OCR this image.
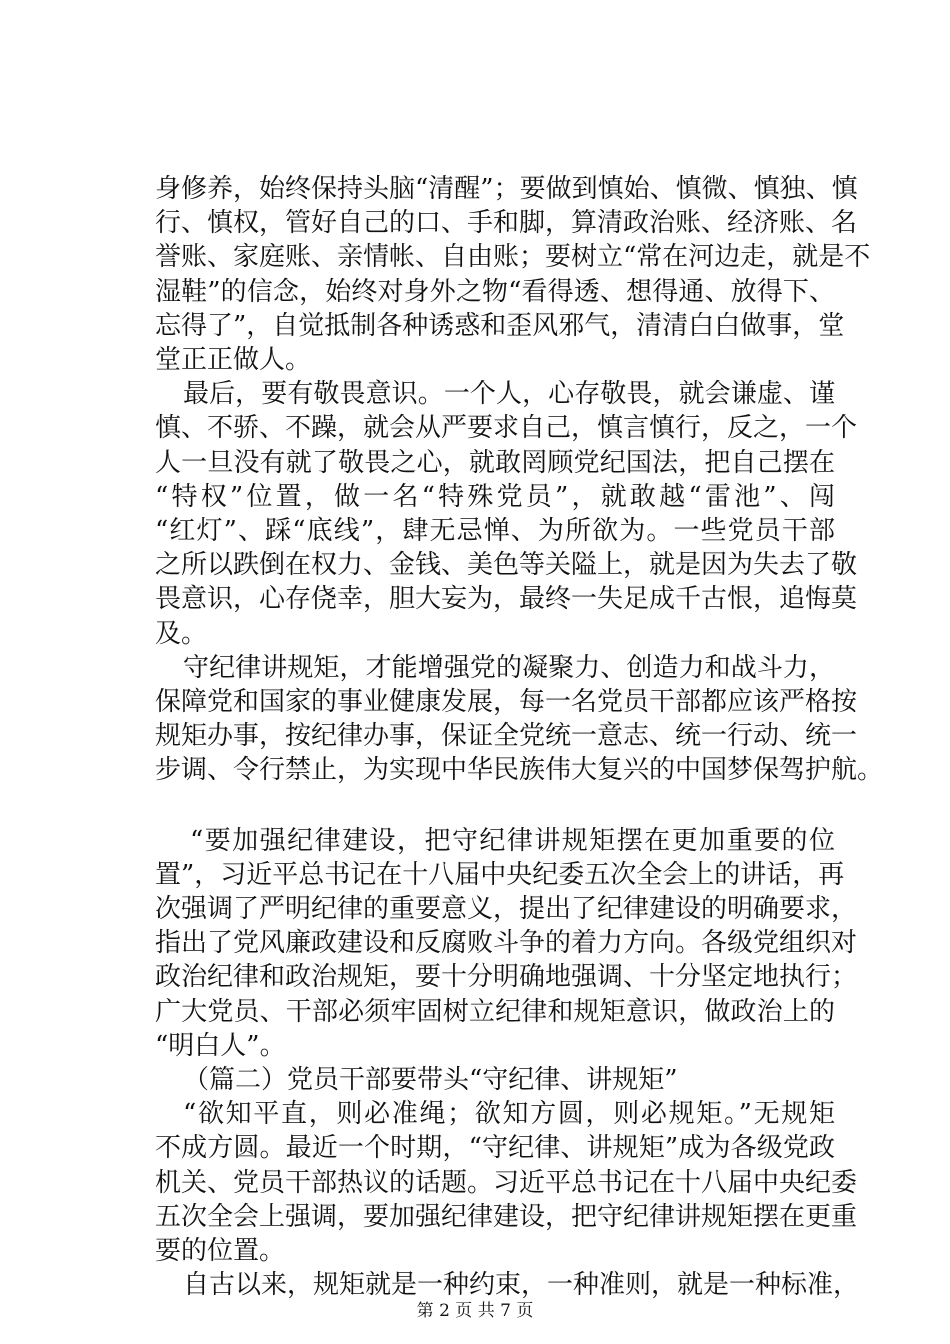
身修养，始终保持头脑“清醒”；要做到慎始、慎微、慎独、慎
行、慎权，管好自己的口、手和脚，算清政治账、经济账、名
誉账、家庭账、亲情帐、自由账；要树立“常在河边走，就是不
湿鞋”的信念，始终对身外之物“看得透、想得通、放得下、
忘得了”，自觉抵制各种诱惑和歪风邪气，清清白白做事，堂
堂正正做人。
最后，要有敬畏意识。一个人，心存敬畏，就会谦虚、谨
慎、不骄、不躁，就会从严要求自己，慎言慎行，反之，一个
人一旦没有就了敬畏之心，就敢罔顾党纪国法，把自己摆在
“特权”位置，做一名“特殊党员”，就敢越“雷池”、闯
“红灯”、踩“底线”，肆无忌惮、为所欲为。一些党员干部
之所以跌倒在权力、金钱、美色等关隘上，就是因为失去了敬
畏意识，心存侥幸，胆大妄为，最终一失足成千古恨，追悔莫
及。
守纪律讲规矩，才能增强党的凝聚力、创造力和战斗力，
保障党和国家的事业健康发展，每一名党员干部都应该严格按
规矩办事，按纪律办事，保证全党统一意志、统一行动、统一
步调、令行禁止，为实现中华民族伟大复兴的中国梦保驾护航。
“要加强纪律建设，把守纪律讲规矩摆在更加重要的位
置”，习近平总书记在十八届中央纪委五次全会上的讲话，再
次强调了严明纪律的重要意义，提出了纪律建设的明确要求，
指出了党风廉政建设和反腐败斗争的着力方向。各级党组织对
政治纪律和政治规矩，要十分明确地强调、十分坚定地执行；
广大党员、干部必须牢固树立纪律和规矩意识，做政治上的
“明白人”。
（篇二）党员干部要带头“守纪律、讲规矩”
“欲知平直，则必准绳；欲知方圆，则必规矩。”无规矩
不成方圆。最近一个时期，“守纪律、讲规矩”成为各级党政
机关、党员干部热议的话题。习近平总书记在十八届中央纪委
五次全会上强调，要加强纪律建设，把守纪律讲规矩摆在更重
要的位置。
自古以来，规矩就是一种约束，一种准则，就是一种标准，
第 2 页 共 7 页
